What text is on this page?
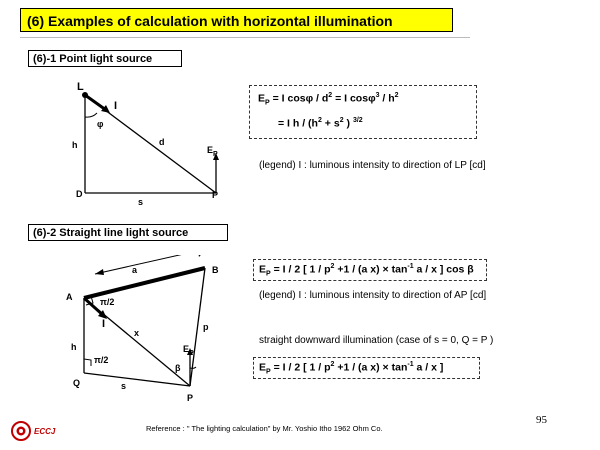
(6) Examples of calculation with horizontal illumination
(6)-1 Point light source
L
I
φ
d
h	$E_P$
D	P
s
$E_P = I$ $\cos\varphi / d^2 = I$ $\cos\varphi^3 / h^2$
= I $h / (h^2 + s^2$ ) $^{3/2}$
(legend) I : luminous intensity to direction of LP [cd]
(6)-2 Straight line light source
a	B
A	π/2
I
x
p
h
π/2
$E_P$
β
Q	s
P
$E_P = I / 2$ [ $1 / p^2 +1 / (a$ $x) \times \tan^{-1} a / x$ ] cos β
(legend) I : luminous intensity to direction of AP [cd]
straight downward illumination (case of s = 0, Q = P )
$E_P = I / 2$ [ $1 / p^2 +1 / (a$ $x) \times \tan^{-1} a / x$ ]
ECCJ	Reference : " The lighting calculation" by Mr. Yoshio Itho 1962 Ohm Co.
95
